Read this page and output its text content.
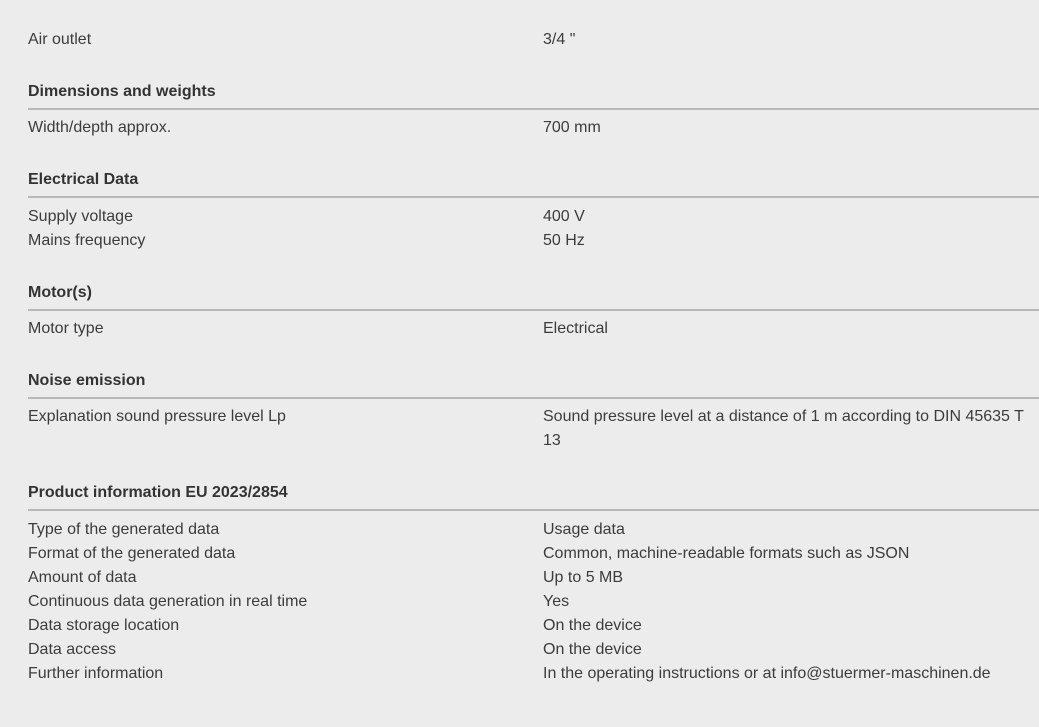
Air outlet	3/4 "
Dimensions and weights
Width/depth approx.	700 mm
Electrical Data
Supply voltage	400 V
Mains frequency	50 Hz
Motor(s)
Motor type	Electrical
Noise emission
Explanation sound pressure level Lp	Sound pressure level at a distance of 1 m according to DIN 45635 T 13
Product information EU 2023/2854
Type of the generated data	Usage data
Format of the generated data	Common, machine-readable formats such as JSON
Amount of data	Up to 5 MB
Continuous data generation in real time	Yes
Data storage location	On the device
Data access	On the device
Further information	In the operating instructions or at info@stuermer-maschinen.de
